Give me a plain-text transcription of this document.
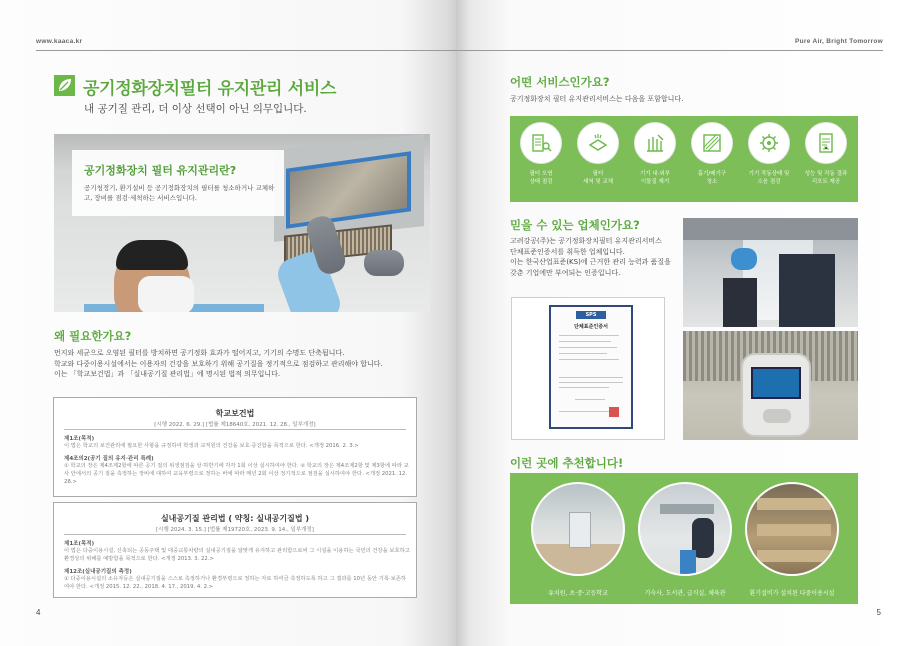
www.kaaca.kr
공기정화장치필터 유지관리 서비스
내 공기질 관리, 더 이상 선택이 아닌 의무입니다.
공기정화장치 필터 유지관리란?
공기청정기, 환기설비 등 공기정화장치의 필터를 청소하거나 교체하고, 장비를 점검·세척하는 서비스입니다.
왜 필요한가요?
먼지와 세균으로 오염된 필터를 방치하면 공기정화 효과가 떨어지고, 기기의 수명도 단축됩니다.
학교와 다중이용시설에서는 이용자의 건강을 보호하기 위해 공기질을 정기적으로 점검하고 관리해야 합니다.
이는 「학교보건법」과 「실내공기질 관리법」에 명시된 법적 의무입니다.
학교보건법
[시행 2022. 6. 29.] [법률 제18640호, 2021. 12. 28., 일부개정]
제1조(목적)
이 법은 학교의 보건관리에 필요한 사항을 규정하여 학생과 교직원의 건강을 보호·증진함을 목적으로 한다. <개정 2016. 2. 3.>
제4조의2(공기 질의 유지·관리 특례)
① 학교의 장은 제4조제2항에 따른 공기 질의 위생점검을 상·하반기에 각각 1회 이상 실시하여야 한다. ② 학교의 장은 제4조제2항 및 제3항에 따라 교사 안에서의 공기 질을 측정하는 장비에 대하여 교육부령으로 정하는 바에 따라 매년 2회 이상 정기적으로 점검을 실시하여야 한다. <개정 2021. 12. 28.>
실내공기질 관리법 ( 약칭: 실내공기질법 )
[시행 2024. 3. 15.] [법률 제19720호, 2023. 9. 14., 일부개정]
제1조(목적)
이 법은 다중이용시설, 신축되는 공동주택 및 대중교통차량의 실내공기질을 알맞게 유지하고 관리함으로써 그 시설을 이용하는 국민의 건강을 보호하고 환경상의 위해를 예방함을 목적으로 한다. <개정 2013. 3. 22.>
제12조(실내공기질의 측정)
① 다중이용시설의 소유자등은 실내공기질을 스스로 측정하거나 환경부령으로 정하는 자로 하여금 측정하도록 하고 그 결과를 10년 동안 기록·보존하여야 한다. <개정 2015. 12. 22., 2018. 4. 17., 2019. 4. 2.>
4
Pure Air, Bright Tomorrow
5
어떤 서비스인가요?
공기정화장치 필터 유지관리서비스는 다음을 포함합니다.
필터 오염
상태 점검
필터
세척 및 교체
기기 내·외부
이물질 제거
흡기/배기구
청소
기기 작동상태 및
소음 점검
성능 및 작동 결과
리포트 제공
믿을 수 있는 업체인가요?
고려강공(주)는 공기정화장치필터 유지관리서비스
단체표준인증서를 취득한 업체입니다.
이는 한국산업표준(KS)에 근거한 관리 능력과 품질을
갖춘 기업에만 부여되는 인증입니다.
SPS
단체표준인증서
이런 곳에 추천합니다!
유치원, 초·중·고등학교	기숙사, 도서관, 급식실, 체육관	환기설비가 설치된 다중이용시설
